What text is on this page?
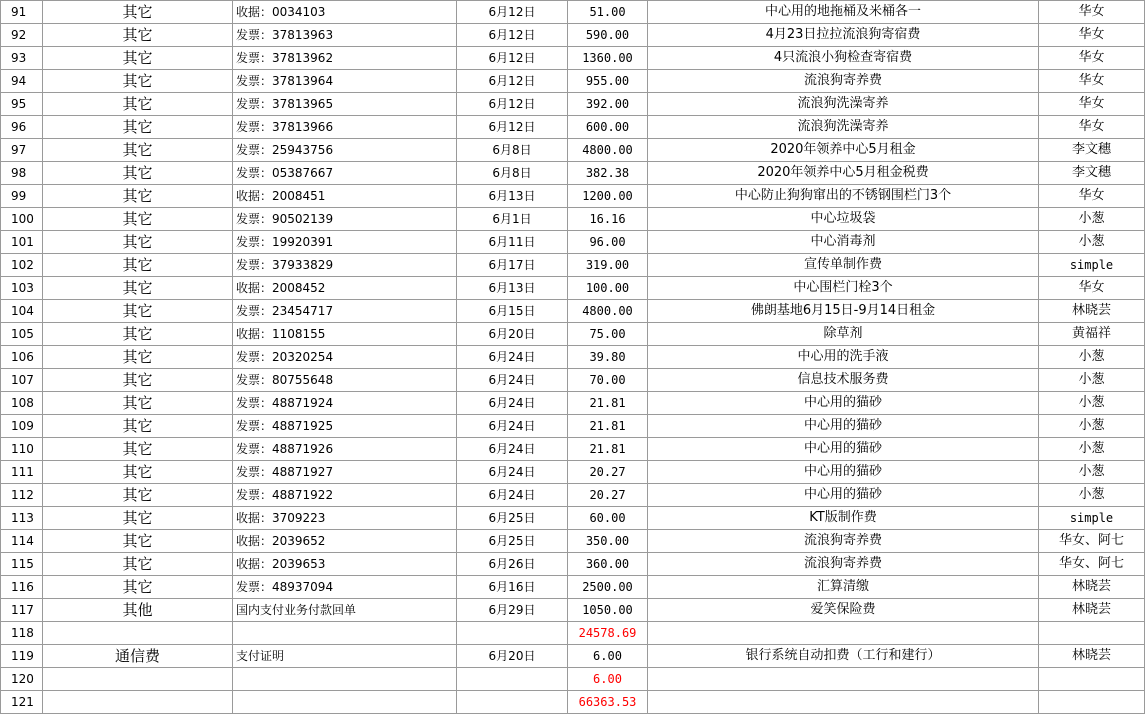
91	其它	收据：0034103	6月12日	51.00	中心用的地拖桶及米桶各一	华女
92	其它	发票：37813963	6月12日	590.00	4月23日拉拉流浪狗寄宿费	华女
93	其它	发票：37813962	6月12日	1360.00	4只流浪小狗检查寄宿费	华女
94	其它	发票：37813964	6月12日	955.00	流浪狗寄养费	华女
95	其它	发票：37813965	6月12日	392.00	流浪狗洗澡寄养	华女
96	其它	发票：37813966	6月12日	600.00	流浪狗洗澡寄养	华女
97	其它	发票：25943756	6月8日	4800.00	2020年领养中心5月租金	李文穗
98	其它	发票：05387667	6月8日	382.38	2020年领养中心5月租金税费	李文穗
99	其它	收据：2008451	6月13日	1200.00	中心防止狗狗窜出的不锈钢围栏门3个	华女
100	其它	发票：90502139	6月1日	16.16	中心垃圾袋	小葱
101	其它	发票：19920391	6月11日	96.00	中心消毒剂	小葱
102	其它	发票：37933829	6月17日	319.00	宣传单制作费	simple
103	其它	收据：2008452	6月13日	100.00	中心围栏门栓3个	华女
104	其它	发票：23454717	6月15日	4800.00	佛朗基地6月15日-9月14日租金	林晓芸
105	其它	收据：1108155	6月20日	75.00	除草剂	黄福祥
106	其它	发票：20320254	6月24日	39.80	中心用的洗手液	小葱
107	其它	发票：80755648	6月24日	70.00	信息技术服务费	小葱
108	其它	发票：48871924	6月24日	21.81	中心用的猫砂	小葱
109	其它	发票：48871925	6月24日	21.81	中心用的猫砂	小葱
110	其它	发票：48871926	6月24日	21.81	中心用的猫砂	小葱
111	其它	发票：48871927	6月24日	20.27	中心用的猫砂	小葱
112	其它	发票：48871922	6月24日	20.27	中心用的猫砂	小葱
113	其它	收据：3709223	6月25日	60.00	KT版制作费	simple
114	其它	收据：2039652	6月25日	350.00	流浪狗寄养费	华女、阿七
115	其它	收据：2039653	6月26日	360.00	流浪狗寄养费	华女、阿七
116	其它	发票：48937094	6月16日	2500.00	汇算清缴	林晓芸
117	其他	国内支付业务付款回单	6月29日	1050.00	爱笑保险费	林晓芸
118				24578.69		
119	通信费	支付证明	6月20日	6.00	银行系统自动扣费（工行和建行）	林晓芸
120				6.00		
121				66363.53		
